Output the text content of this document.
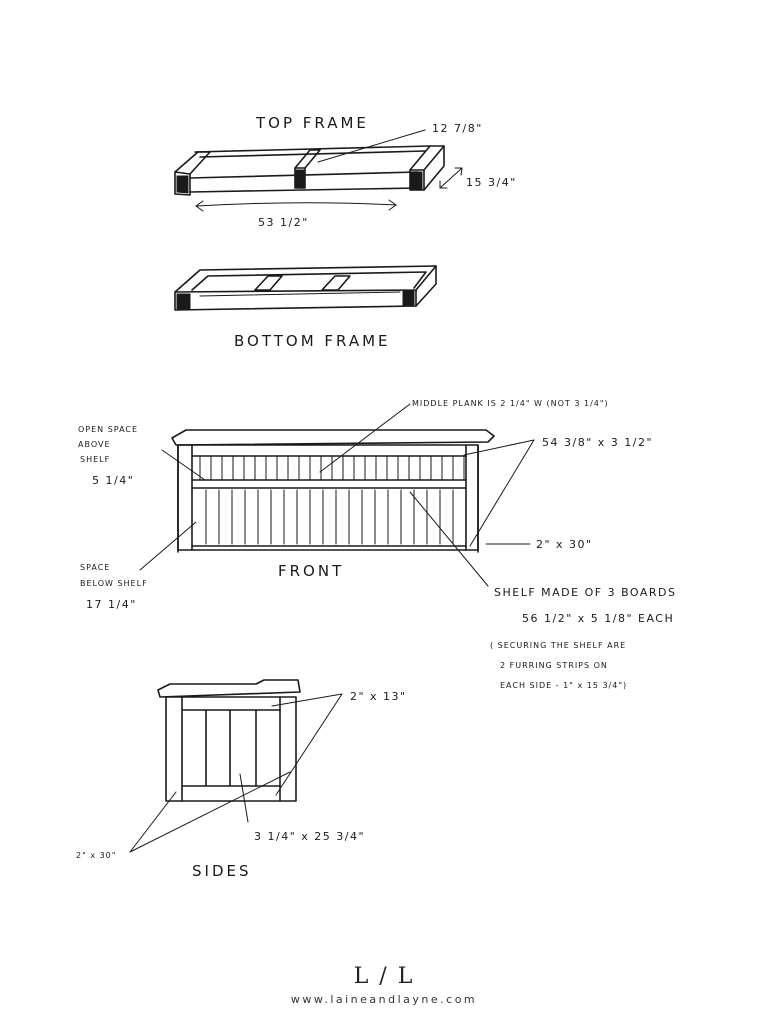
TOP FRAME	12 7/8"
15 3/4"
53 1/2"
BOTTOM FRAME
FRONT
MIDDLE PLANK IS 2 1/4" W (NOT 3 1/4")
OPEN SPACE
ABOVE
SHELF
5 1/4"
54 3/8" x 3 1/2"
2" x 30"
SPACE
BELOW SHELF
17 1/4"
SHELF MADE OF 3 BOARDS
56 1/2" x 5 1/8" EACH
( SECURING THE SHELF ARE
2 FURRING STRIPS ON
EACH SIDE - 1" x 15 3/4")
2" x 13"
2" x 30"
3 1/4" x 25 3/4"
SIDES
L / L
www.laineandlayne.com
